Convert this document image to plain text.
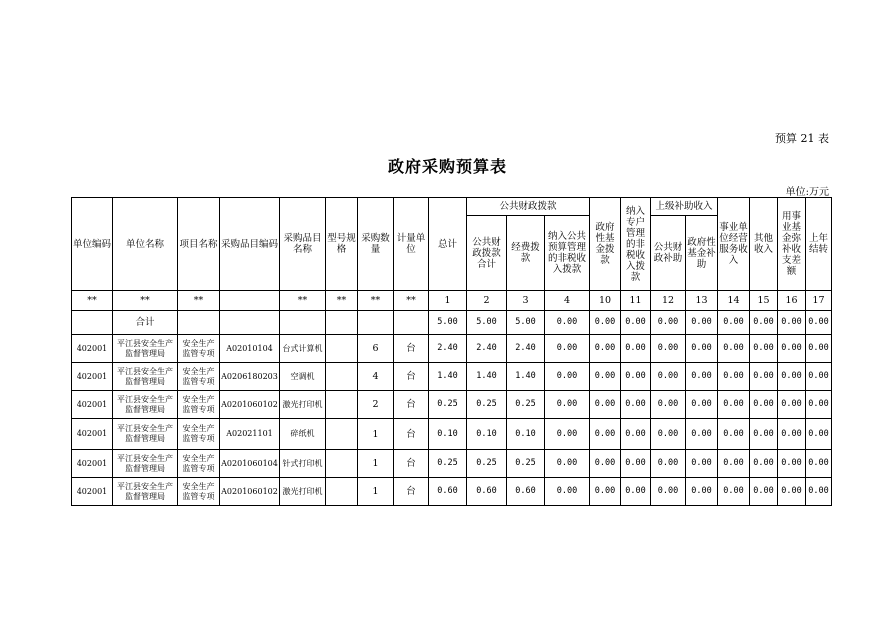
预算 21 表
政府采购预算表
单位:万元
单位编码	单位名称	项目名称	采购品目编码	采购品目名称	型号规格	采购数量	计量单位	总计	公共财政拨款			政府性基金拨款	纳入专户管理的非税收入拨款	上级补助收入		事业单位经营服务收入	其他收入	用事业基金弥补收支差额	上年结转
									公共财政拨款合计	经费拨款	纳入公共预算管理的非税收入拨款			公共财政补助	政府性基金补助				
**	**	**		**	**	**	**	1	2	3	4	10	11	12	13	14	15	16	17
	合计							5.00	5.00	5.00	0.00	0.00	0.00	0.00	0.00	0.00	0.00	0.00	0.00
402001	平江县安全生产监督管理局	安全生产监管专项	A02010104	台式计算机		6	台	2.40	2.40	2.40	0.00	0.00	0.00	0.00	0.00	0.00	0.00	0.00	0.00
402001	平江县安全生产监督管理局	安全生产监管专项	A0206180203	空调机		4	台	1.40	1.40	1.40	0.00	0.00	0.00	0.00	0.00	0.00	0.00	0.00	0.00
402001	平江县安全生产监督管理局	安全生产监管专项	A0201060102	激光打印机		2	台	0.25	0.25	0.25	0.00	0.00	0.00	0.00	0.00	0.00	0.00	0.00	0.00
402001	平江县安全生产监督管理局	安全生产监管专项	A02021101	碎纸机		1	台	0.10	0.10	0.10	0.00	0.00	0.00	0.00	0.00	0.00	0.00	0.00	0.00
402001	平江县安全生产监督管理局	安全生产监管专项	A0201060104	针式打印机		1	台	0.25	0.25	0.25	0.00	0.00	0.00	0.00	0.00	0.00	0.00	0.00	0.00
402001	平江县安全生产监督管理局	安全生产监管专项	A0201060102	激光打印机		1	台	0.60	0.60	0.60	0.00	0.00	0.00	0.00	0.00	0.00	0.00	0.00	0.00
